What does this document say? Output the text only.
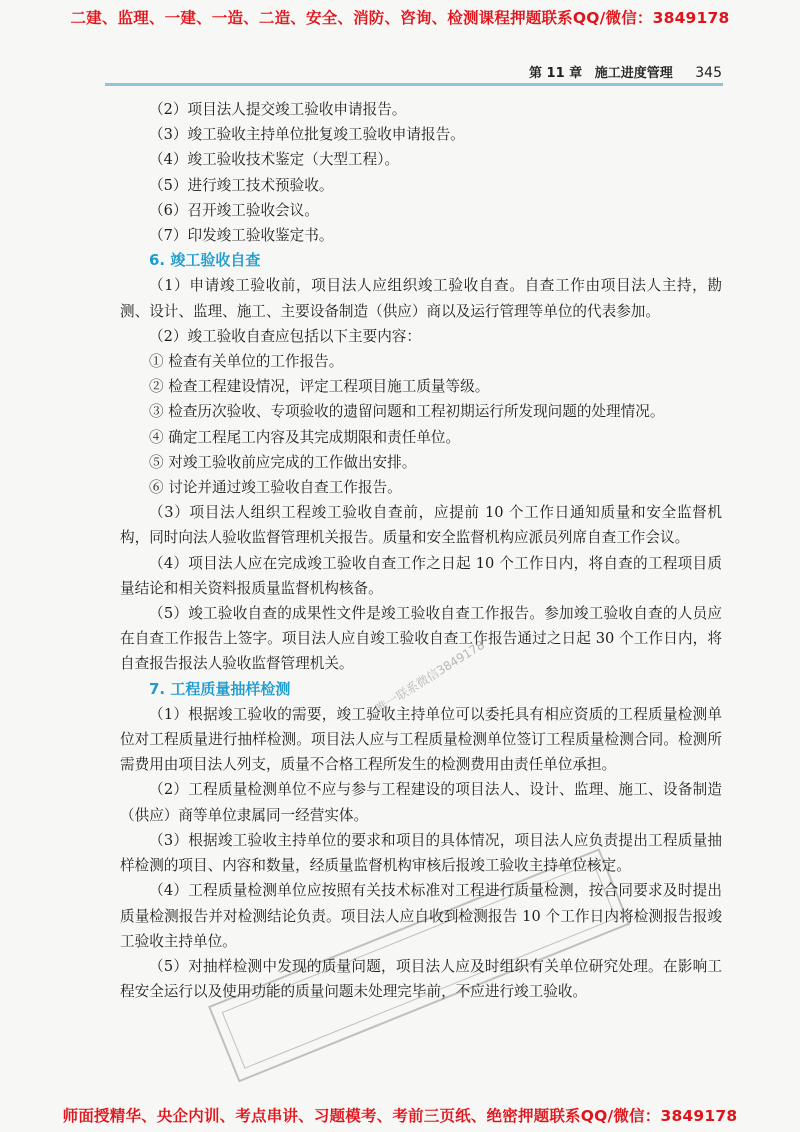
二建、监理、一建、一造、二造、安全、消防、咨询、检测课程押题联系QQ/微信：3849178
第 11 章 施工进度管理 345

（2）项目法人提交竣工验收申请报告。

（3）竣工验收主持单位批复竣工验收申请报告。

（4）竣工验收技术鉴定（大型工程）。

（5）进行竣工技术预验收。

（6）召开竣工验收会议。

（7）印发竣工验收鉴定书。

6. 竣工验收自查

（1）申请竣工验收前，项目法人应组织竣工验收自查。自查工作由项目法人主持，勘测、设计、监理、施工、主要设备制造（供应）商以及运行管理等单位的代表参加。

（2）竣工验收自查应包括以下主要内容：

① 检查有关单位的工作报告。

② 检查工程建设情况，评定工程项目施工质量等级。

③ 检查历次验收、专项验收的遗留问题和工程初期运行所发现问题的处理情况。

④ 确定工程尾工内容及其完成期限和责任单位。

⑤ 对竣工验收前应完成的工作做出安排。

⑥ 讨论并通过竣工验收自查工作报告。

（3）项目法人组织工程竣工验收自查前，应提前 10 个工作日通知质量和安全监督机构，同时向法人验收监督管理机关报告。质量和安全监督机构应派员列席自查工作会议。

（4）项目法人应在完成竣工验收自查工作之日起 10 个工作日内，将自查的工程项目质量结论和相关资料报质量监督机构核备。

（5）竣工验收自查的成果性文件是竣工验收自查工作报告。参加竣工验收自查的人员应在自查工作报告上签字。项目法人应自竣工验收自查工作报告通过之日起 30 个工作日内，将自查报告报法人验收监督管理机关。

7. 工程质量抽样检测

（1）根据竣工验收的需要，竣工验收主持单位可以委托具有相应资质的工程质量检测单位对工程质量进行抽样检测。项目法人应与工程质量检测单位签订工程质量检测合同。检测所需费用由项目法人列支，质量不合格工程所发生的检测费用由责任单位承担。

（2）工程质量检测单位不应与参与工程建设的项目法人、设计、监理、施工、设备制造（供应）商等单位隶属同一经营实体。

（3）根据竣工验收主持单位的要求和项目的具体情况，项目法人应负责提出工程质量抽样检测的项目、内容和数量，经质量监督机构审核后报竣工验收主持单位核定。

（4）工程质量检测单位应按照有关技术标准对工程进行质量检测，按合同要求及时提出质量检测报告并对检测结论负责。项目法人应自收到检测报告 10 个工作日内将检测报告报竣工验收主持单位。

（5）对抽样检测中发现的质量问题，项目法人应及时组织有关单位研究处理。在影响工程安全运行以及使用功能的质量问题未处理完毕前，不应进行竣工验收。

唯一联系微信3849178
师面授精华、央企内训、考点串讲、习题模考、考前三页纸、绝密押题联系QQ/微信：3849178
